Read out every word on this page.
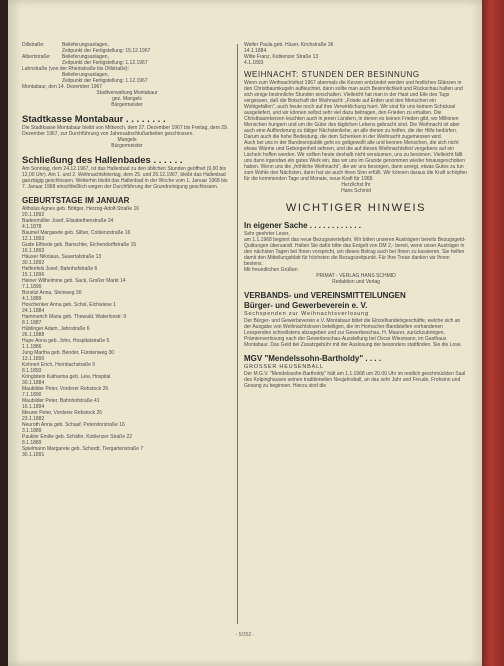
Dillstraße:	Belieferungsanlagen,
Zeitpunkt der Fertigstellung: 15.12.1967
Albertstraße:	Belieferungsanlagen,
Zeitpunkt der Fertigstellung: 1.12.1967
Lahnstraße (von der Rheinstraße bis Dillstraße):
Belieferungsanlagen,
Zeitpunkt der Fertigstellung: 1.12.1967
Montabaur, den 14. Dezember 1967
Stadtverwaltung Montabaur
gez. Mangels
Bürgermeister
Stadtkasse Montabaur . . . . . . . .

Die Stadtkasse Montabaur bleibt von Mittwoch, dem 27. Dezember 1967 bis Freitag, dem 29. Dezember 1967, zur Durchführung von Jahresabschlußarbeiten geschlossen.

Mangels
Bürgermeister
Schließung des Hallenbades . . . . . .

Am Sonntag, dem 24.12.1967, ist das Hallenbad zu den üblichen Stunden geöffnet (9,00 bis 12,00 Uhr). Am 1. und 2. Weihnachtsfeiertag, dem 25. und 26.12.1967, bleibt das Hallenbad ganztägig geschlossen. Weiterhin bleibt das Hallenbad in der Woche vom 1. Januar 1968 bis 7. Januar 1968 einschließlich wegen der Durchführung der Grundreinigung geschlossen.

GEBURTSTAGE IM JANUAR
Altholus Agnes geb. Böttger, Herzog-Adolf-Straße 16
20.1.1892
Badenmüller Josef, Elisabethenstraße 24
4.1.1878
Baumel Margarete geb. Silber, Coblenzstraße 16
12.1.1893
Gude Elfriede geb. Banschke, Eichendorffstraße 15
16.1.1893
Häuser Nikolaus, Sauertalstraße 13
30.1.1892
Helfenfels Josef, Bahnhofstraße 6
15.1.1896
Heiner Wilhelmine geb. Sack, Großer Markt 14
7.1.1890
Borsitzi Anna, Steinweg 30
4.1.1889
Hoschenker Anna geb. Schol, Eichwiese 1
24.1.1884
Hammerich Maria geb. Thewald, Waterloostr. 9
8.1.1887
Hüblinger Adam, Jahnstraße 6
26.1.1888
Hupe Anna geb. John, Hospitalstraße 5
1.1.1886
Jung Martha geb. Bender, Fürstenweg 30
13.1.1890
Kohnert Erich, Hornbachstraße 9
8.1.1893
Kringlstein Katharina geb. Lew, Hospital
30.1.1884
Maubilder Peter, Vorderer Rebstock 26
7.1.1890
Maubilder Peter, Bahnhofstraße 41
16.1.1894
Meurer Peter, Vorderer Rebstock 26
23.1.1882
Neuroth Anna geb. Schaaf, Peterstorstraße 16
3.1.1889
Paukler Emilie geb. Schäfer, Koblenzer Straße 22
8.1.1889
Spielmann Margarete geb. Schardt, Tiergartenstraße 7
30.1.1891
Weifer Paula geb. Hüser, Kirchstraße 36
14.1.1884
Witte Franz, Koblenzer Straße 13
4.1.1893
WEIHNACHT: STUNDEN DER BESINNUNG

Wenn zum Weihnachtsfest 1967 abermals die Kerzen entzündet werden und festliches Glänzen in den Christbaumkugeln aufleuchtet, dann sollte man auch Besinnlichkeit und Rückschau halten und sich einige besinnliche Stunden einschalten. Vielleicht hat man in der Hast und Eile des Tags vergessen, daß die Botschaft der Weihnacht: „Friede auf Erden und den Menschen ein Wohlgefallen“, auch heute noch auf ihre Verwirklichung harrt. Wir sind für uns keinem Schicksal ausgeliefert, und wir können selbst sehr viel dazu beitragen, den Frieden zu erhalten. Die Christbaumkerzen leuchten auch in jenen Ländern, in denen es keinen Frieden gibt, wo Millionen Menschen hungern und um die Güter des täglichen Lebens gebracht sind. Die Weihnacht ist aber auch eine Aufforderung zu tätiger Nächstenliebe, an alle denen zu helfen, die der Hilfe bedürfen. Darum auch die hohe Bedeutung, die dem Schenken in der Weihnacht zugemessen wird.

Auch bei uns in der Bundesrepublik geht es gottgewollt alle und kennen Menschen, die sich nicht etwas Wärme und Geborgenheit sehnen, und die auf diesen Weihnachtsfest vergebens auf ein Lächeln hoffen werden. Wir sollten heute deshalb nicht versäumen, uns zu besinnen. Vielleicht fällt uns dann irgendwo ein gutes Werk ein, das wir uns im Grunde genommen wieder hinausgeschoben haben. Wenn uns die „fröhliche Weihnacht“, die wir uns besorgen, dann anregt, etwas Gutes zu tun zum Wohle des Nächsten, dann hat sie auch ihren Sinn erfüllt. Wir können daraus die Kraft schöpfen für die kommenden Tage und Monate, neue Kraft für 1968.

Herzlichst Ihr
Hans Schmid
WICHTIGER HINWEIS
In eigener Sache . . . . . . . . . . . .

Sehr geehrter Leser,

am 1.1.1968 beginnt das neue Bezugsvierteljahr. Wir bitten unseren Austrägern bereits Bezugsgeld-Quittungen übersandt. Halten Sie dafür bitte das Entgelt von DM 2,- bereit, wenn unser Austräger in den nächsten Tagen bei Ihnen vorspricht, um dieses Betrag auch bei Ihnen zu kassieren. Sie helfen damit den Mitteilungsblatt für höchsten die Bezugszeitpunkt. Für Ihre Treue danken wir Ihnen bestens.

Mit freundlichen Grüßen

PRIMAT - VERLAG HANS SCHMID
Redaktion und Verlag
VERBANDS- und VEREINSMITTEILUNGEN
Bürger- und Gewerbeverein e. V.
Sechspenden zur Weihnachtsverlosung

Der Bürger- und Gewerbeverein e.V. Montabaur bittet die Einzelhandelsgeschäfte, welche sich an der Ausgabe von Weihnachtslosen beteiligen, die im Hornacher-Bandstellen vorhandenen Losspenden schnellstens abzugeben und zur Gewerbeschau, H. Maurer, zurückzubringen. Prämienverlosung nach der Gewerbeschau-Ausstellung bei Oscar Wiesmann, im Gasthaus Montabaur. Das Geld bei Zusatzgebühr mit der Auslosung der besonders stattfinden. Sie die Lose.

MGV "Mendelssohn-Bartholdy" . . . .
GROSSER HEUSENBALL

Der M.G.V. "Mendelssohn-Bartholdy" hält am 1.1.1968 um 20.00 Uhr im restlich geschmückten Saal des Kolpinghauses seinen traditionellen Neujahrsball, an das sehr Jahr und Freude, Frohsinn und Gesang zu beginnen. Hierzu sind die

- 5/352 -
